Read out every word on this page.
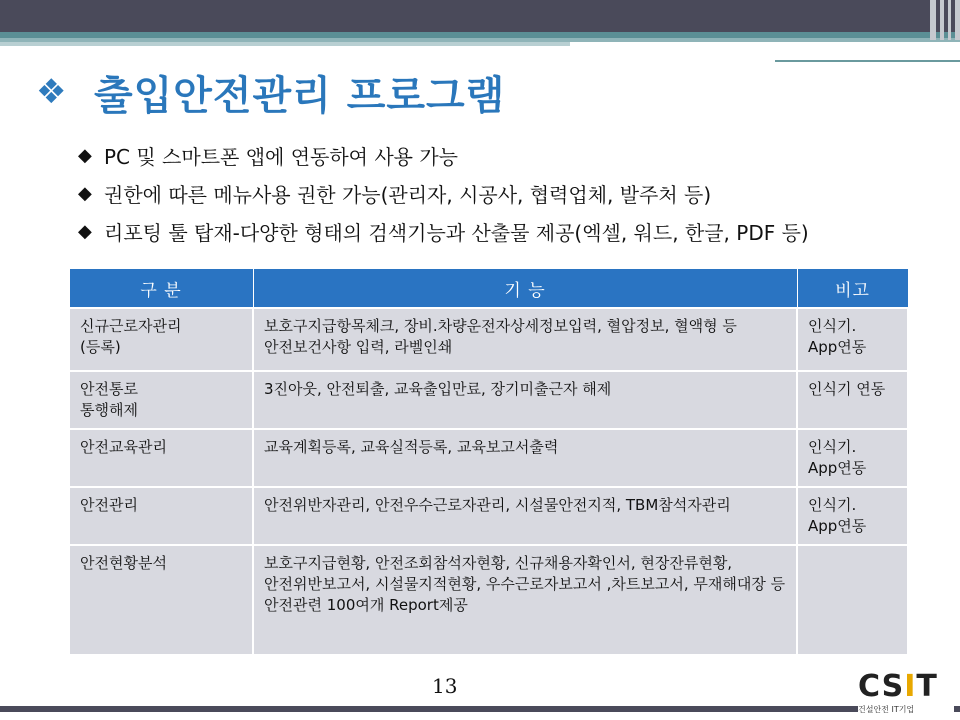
❖ 출입안전관리 프로그램
◆ PC 및 스마트폰 앱에 연동하여 사용 가능
◆ 권한에 따른 메뉴사용 권한 가능(관리자, 시공사, 협력업체, 발주처 등)
◆ 리포팅 툴 탑재-다양한 형태의 검색기능과 산출물 제공(엑셀, 워드, 한글, PDF 등)
구 분	기 능	비고
신규근로자관리
(등록)	보호구지급항목체크, 장비.차량운전자상세정보입력, 혈압정보, 혈액형 등 안전보건사항 입력, 라벨인쇄	인식기.
App연동
안전통로
통행해제	3진아웃, 안전퇴출, 교육출입만료, 장기미출근자 해제	인식기 연동
안전교육관리	교육계획등록, 교육실적등록, 교육보고서출력	인식기.
App연동
안전관리	안전위반자관리, 안전우수근로자관리, 시설물안전지적, TBM참석자관리	인식기.
App연동
안전현황분석	보호구지급현황, 안전조회참석자현황, 신규채용자확인서, 현장잔류현황, 안전위반보고서, 시설물지적현황, 우수근로자보고서 ,차트보고서, 무재해대장 등 안전관련 100여개 Report제공	
13	CSIT
건설안전 IT기업
